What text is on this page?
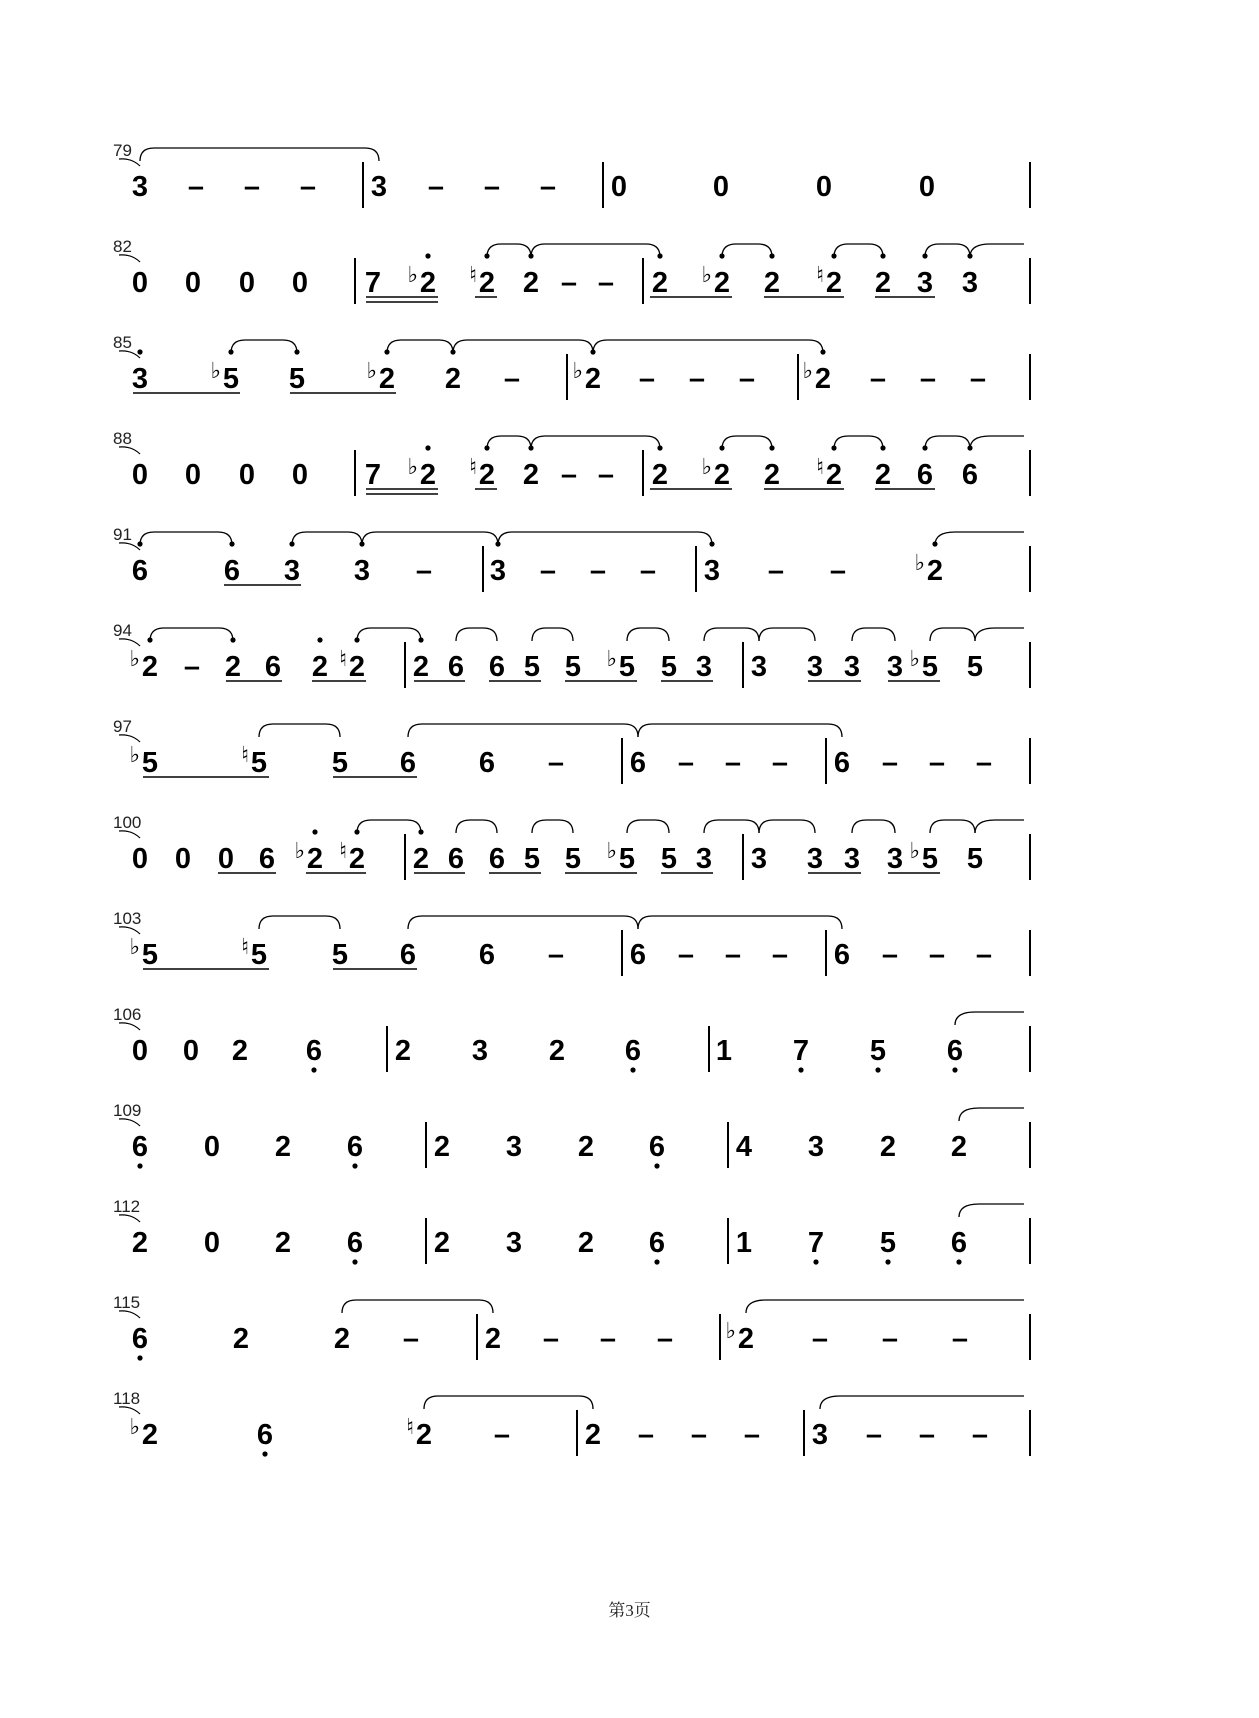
79
3 – – – 3 – – – 0	0	0	0
82
0 0 0 0 7 2
♭ 2
♮ 2 – – 2 2
♭ 2 2
♮ 2 3 3
85
3	5
♭ 5	2
♭ 2 – 2
♭ – – – 2
♭ – – –
88
0 0 0 0 7 2
♭ 2
♮ 2 – – 2 2
♭ 2 2
♮ 2 6 6
91
6	6 3 3 – 3 – – – 3 – –	2
♭
94
2
♭ – 2 6 2 2
♮ 2 6 6 5 5 5
♭ 5 3 3 3 3 3 5
♭ 5
97
5
♭	5
♮	5 6 6 – 6 – – – 6 – – –
100
0 0 0 6 2
♭ 2
♮ 2 6 6 5 5 5
♭ 5 3 3 3 3 3 5
♭ 5
103
5
♭	5
♮	5 6 6 – 6 – – – 6 – – –
106
0 0 2 6	2 3 2 6	1 7 5 6
109
6 0 2 6 2 3 2 6 4 3 2 2
112
2 0 2 6 2 3 2 6 1 7 5 6
115
6	2	2 – 2 – – – 2
♭	– – –
118
2
♭	6	2
♮	–	2 – – – 3 – – –
第3页
